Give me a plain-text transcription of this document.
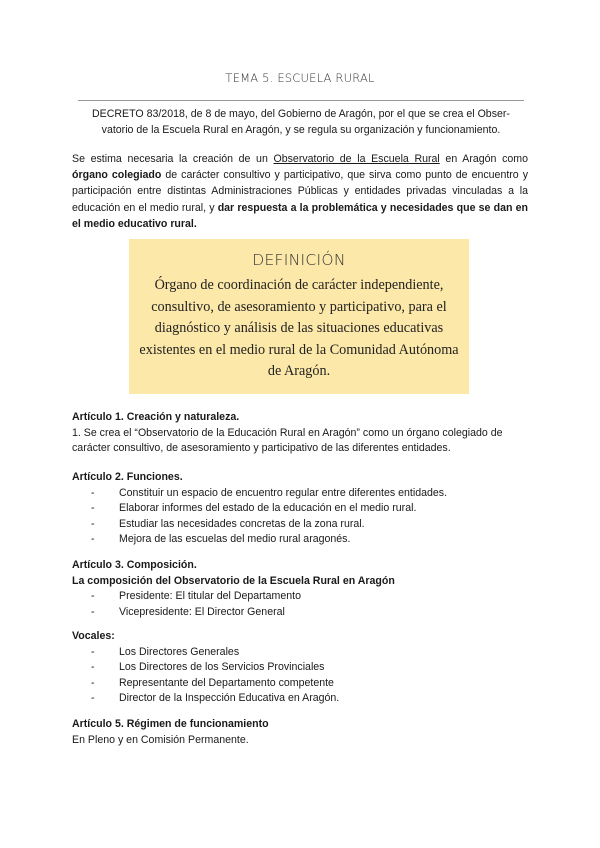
TEMA 5. ESCUELA RURAL
DECRETO 83/2018, de 8 de mayo, del Gobierno de Aragón, por el que se crea el Obser-
vatorio de la Escuela Rural en Aragón, y se regula su organización y funcionamiento.
Se estima necesaria la creación de un Observatorio de la Escuela Rural en Aragón como órgano colegiado de carácter consultivo y participativo, que sirva como punto de encuentro y participación entre distintas Administraciones Públicas y entidades privadas vinculadas a la educación en el medio rural, y dar respuesta a la problemática y necesidades que se dan en el medio educativo rural.
DEFINICIÓN
Órgano de coordinación de carácter independiente, consultivo, de asesoramiento y participativo, para el diagnóstico y análisis de las situaciones educativas existentes en el medio rural de la Comunidad Autónoma de Aragón.
Artículo 1. Creación y naturaleza.
1. Se crea el “Observatorio de la Educación Rural en Aragón” como un órgano colegiado de carácter consultivo, de asesoramiento y participativo de las diferentes entidades.
Artículo 2. Funciones.
- Constituir un espacio de encuentro regular entre diferentes entidades.
- Elaborar informes del estado de la educación en el medio rural.
- Estudiar las necesidades concretas de la zona rural.
- Mejora de las escuelas del medio rural aragonés.
Artículo 3. Composición.
La composición del Observatorio de la Escuela Rural en Aragón
- Presidente: El titular del Departamento
- Vicepresidente: El Director General
Vocales:
- Los Directores Generales
- Los Directores de los Servicios Provinciales
- Representante del Departamento competente
- Director de la Inspección Educativa en Aragón.
Artículo 5. Régimen de funcionamiento
En Pleno y en Comisión Permanente.
